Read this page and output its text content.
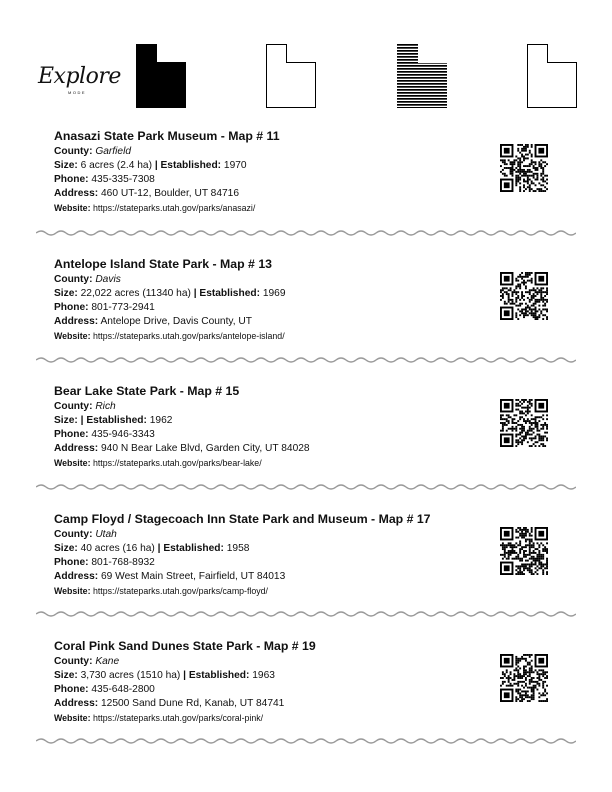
Explore
MODE
Anasazi State Park Museum - Map # 11
County: Garfield
Size: 6 acres (2.4 ha) | Established: 1970
Phone: 435-335-7308
Address: 460 UT-12, Boulder, UT 84716
Website: https://stateparks.utah.gov/parks/anasazi/
Antelope Island State Park - Map # 13
County: Davis
Size: 22,022 acres (11340 ha) | Established: 1969
Phone: 801-773-2941
Address: Antelope Drive, Davis County, UT
Website: https://stateparks.utah.gov/parks/antelope-island/
Bear Lake State Park - Map # 15
County: Rich
Size: | Established: 1962
Phone: 435-946-3343
Address: 940 N Bear Lake Blvd, Garden City, UT 84028
Website: https://stateparks.utah.gov/parks/bear-lake/
Camp Floyd / Stagecoach Inn State Park and Museum - Map # 17
County: Utah
Size: 40 acres (16 ha) | Established: 1958
Phone: 801-768-8932
Address: 69 West Main Street, Fairfield, UT 84013
Website: https://stateparks.utah.gov/parks/camp-floyd/
Coral Pink Sand Dunes State Park - Map # 19
County: Kane
Size: 3,730 acres (1510 ha) | Established: 1963
Phone: 435-648-2800
Address: 12500 Sand Dune Rd, Kanab, UT 84741
Website: https://stateparks.utah.gov/parks/coral-pink/
